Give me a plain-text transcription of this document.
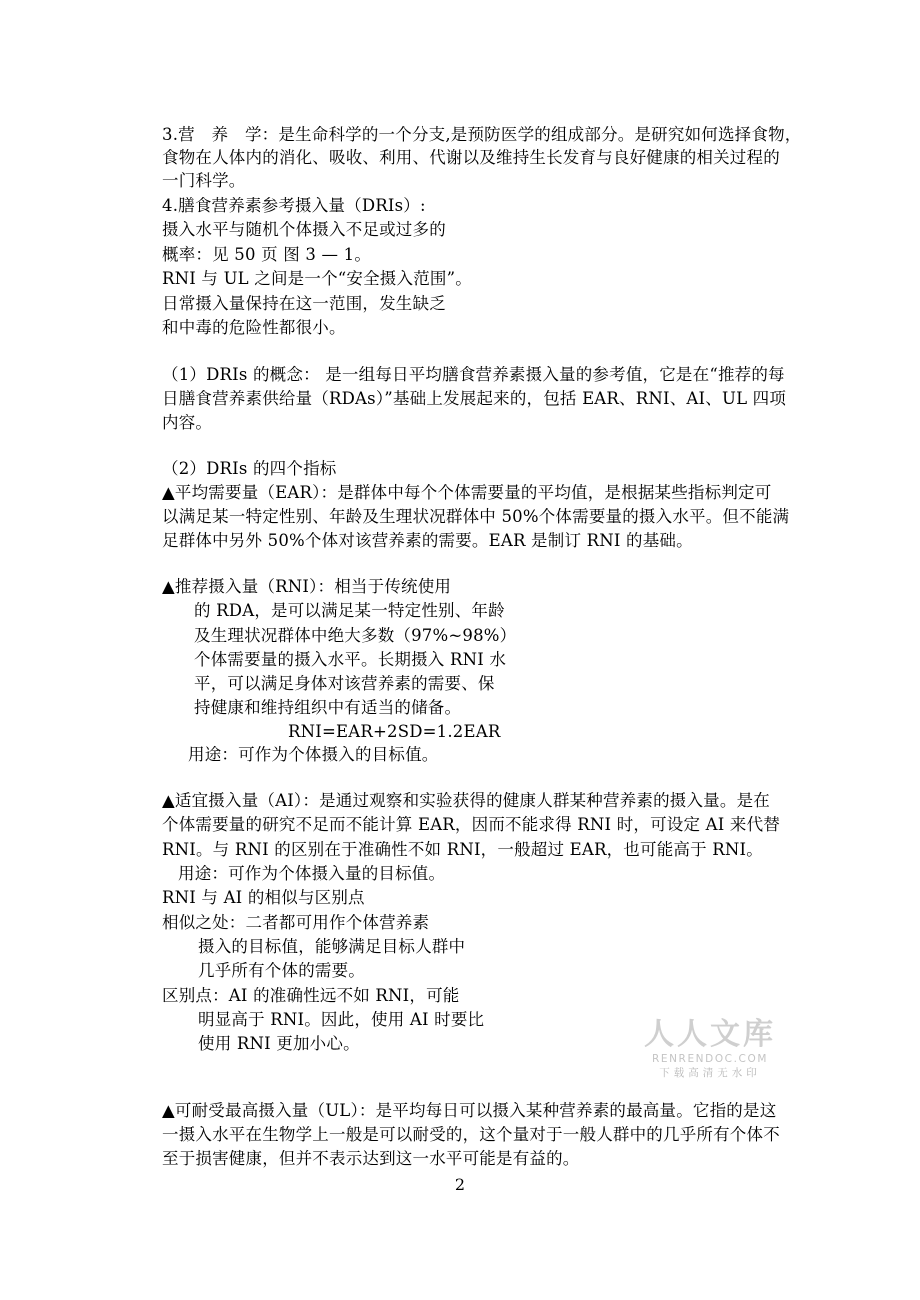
3.营　养　学：是生命科学的一个分支,是预防医学的组成部分。是研究如何选择食物，
食物在人体内的消化、吸收、利用、代谢以及维持生长发育与良好健康的相关过程的
一门科学。
4.膳食营养素参考摄入量（DRIs）:
摄入水平与随机个体摄入不足或过多的
概率：见 50 页 图 3 — 1。
RNI 与 UL 之间是一个“安全摄入范围”。
日常摄入量保持在这一范围，发生缺乏
和中毒的危险性都很小。
（1）DRIs 的概念： 是一组每日平均膳食营养素摄入量的参考值，它是在“推荐的每
日膳食营养素供给量（RDAs）”基础上发展起来的，包括 EAR、RNI、AI、UL 四项
内容。
（2）DRIs 的四个指标
▲平均需要量（EAR）：是群体中每个个体需要量的平均值，是根据某些指标判定可
以满足某一特定性别、年龄及生理状况群体中 50%个体需要量的摄入水平。但不能满
足群体中另外 50%个体对该营养素的需要。EAR 是制订 RNI 的基础。
▲推荐摄入量（RNI）：相当于传统使用
的 RDA，是可以满足某一特定性别、年龄
及生理状况群体中绝大多数（97%~98%）
个体需要量的摄入水平。长期摄入 RNI 水
平，可以满足身体对该营养素的需要、保
持健康和维持组织中有适当的储备。
RNI=EAR+2SD=1.2EAR
用途：可作为个体摄入的目标值。
▲适宜摄入量（AI）：是通过观察和实验获得的健康人群某种营养素的摄入量。是在
个体需要量的研究不足而不能计算 EAR，因而不能求得 RNI 时，可设定 AI 来代替
RNI。与 RNI 的区别在于准确性不如 RNI，一般超过 EAR，也可能高于 RNI。
用途：可作为个体摄入量的目标值。
RNI 与 AI 的相似与区别点
相似之处：二者都可用作个体营养素
摄入的目标值，能够满足目标人群中
几乎所有个体的需要。
区别点：AI 的准确性远不如 RNI，可能
明显高于 RNI。因此，使用 AI 时要比
使用 RNI 更加小心。
▲可耐受最高摄入量（UL）：是平均每日可以摄入某种营养素的最高量。它指的是这
一摄入水平在生物学上一般是可以耐受的，这个量对于一般人群中的几乎所有个体不
至于损害健康，但并不表示达到这一水平可能是有益的。
人人文库
RENRENDOC.COM
下载高清无水印
2
